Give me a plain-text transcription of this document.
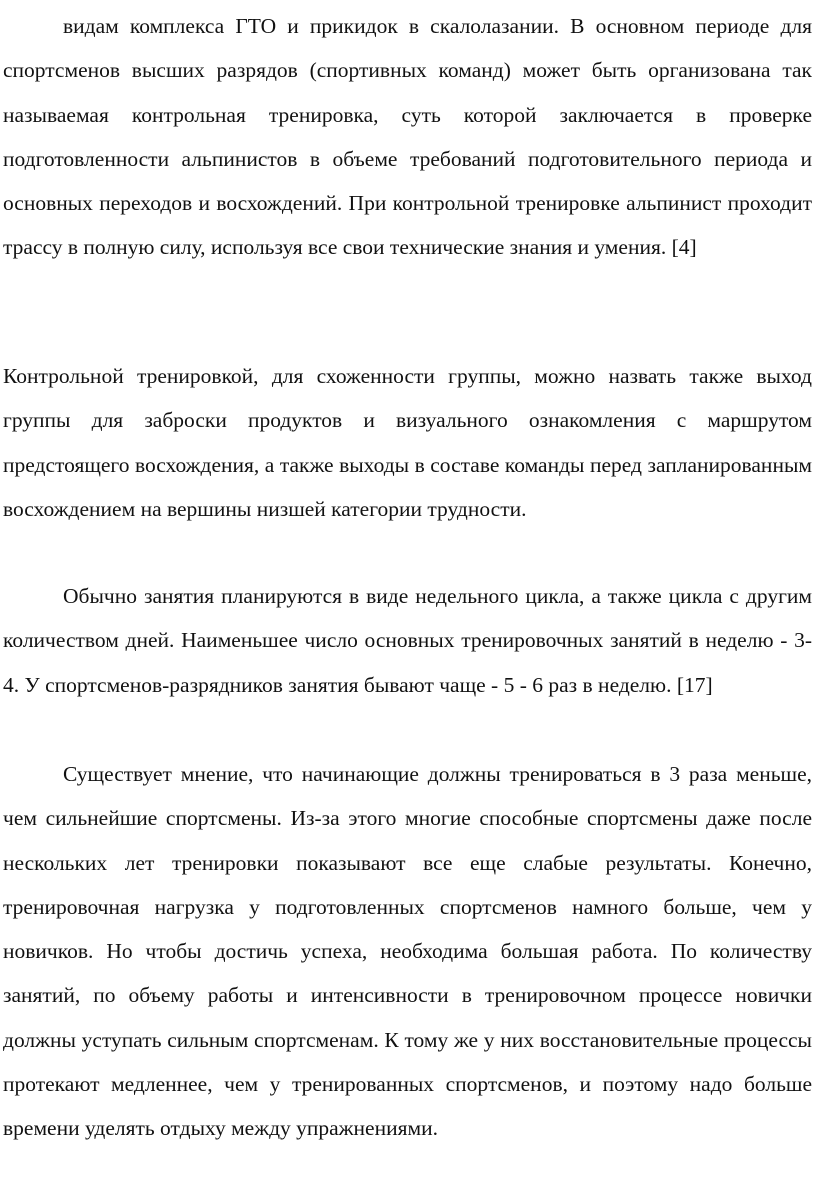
видам комплекса ГТО и прикидок в скалолазании. В основном периоде для спортсменов высших разрядов (спортивных команд) может быть организована так называемая контрольная тренировка, суть которой заключается в проверке подготовленности альпинистов в объеме требований подготовительного периода и основных переходов и восхождений. При контрольной тренировке альпинист проходит трассу в полную силу, используя все свои технические знания и умения. [4]

Контрольной тренировкой, для схоженности группы, можно назвать также выход группы для заброски продуктов и визуального ознакомления с маршрутом предстоящего восхождения, а также выходы в составе команды перед запланированным восхождением на вершины низшей категории трудности.

Обычно занятия планируются в виде недельного цикла, а также цикла с другим количеством дней. Наименьшее число основных тренировочных занятий в неделю - 3-4. У спортсменов-разрядников занятия бывают чаще - 5 - 6 раз в неделю. [17]

Существует мнение, что начинающие должны тренироваться в 3 раза меньше, чем сильнейшие спортсмены. Из-за этого многие способные спортсмены даже после нескольких лет тренировки показывают все еще слабые результаты. Конечно, тренировочная нагрузка у подготовленных спортсменов намного больше, чем у новичков. Но чтобы достичь успеха, необходима большая работа. По количеству занятий, по объему работы и интенсивности в тренировочном процессе новички должны уступать сильным спортсменам. К тому же у них восстановительные процессы протекают медленнее, чем у тренированных спортсменов, и поэтому надо больше времени уделять отдыху между упражнениями.
